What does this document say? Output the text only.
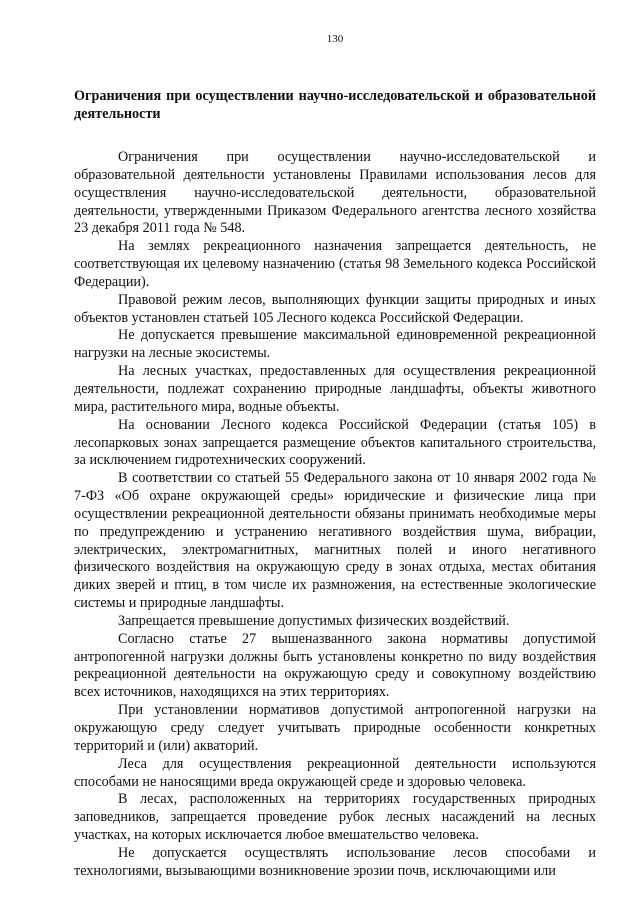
130
Ограничения при осуществлении научно-исследовательской и образовательной деятельности

Ограничения при осуществлении научно-исследовательской и образовательной деятельности установлены Правилами использования лесов для осуществления научно-исследовательской деятельности, образовательной деятельности, утвержденными Приказом Федерального агентства лесного хозяйства 23 декабря 2011 года № 548.

На землях рекреационного назначения запрещается деятельность, не соответствующая их целевому назначению (статья 98 Земельного кодекса Российской Федерации).

Правовой режим лесов, выполняющих функции защиты природных и иных объектов установлен статьей 105 Лесного кодекса Российской Федерации.

Не допускается превышение максимальной единовременной рекреационной нагрузки на лесные экосистемы.

На лесных участках, предоставленных для осуществления рекреационной деятельности, подлежат сохранению природные ландшафты, объекты животного мира, растительного мира, водные объекты.

На основании Лесного кодекса Российской Федерации (статья 105) в лесопарковых зонах запрещается размещение объектов капитального строительства, за исключением гидротехнических сооружений.

В соответствии со статьей 55 Федерального закона от 10 января 2002 года № 7-ФЗ «Об охране окружающей среды» юридические и физические лица при осуществлении рекреационной деятельности обязаны принимать необходимые меры по предупреждению и устранению негативного воздействия шума, вибрации, электрических, электромагнитных, магнитных полей и иного негативного физического воздействия на окружающую среду в зонах отдыха, местах обитания диких зверей и птиц, в том числе их размножения, на естественные экологические системы и природные ландшафты.

Запрещается превышение допустимых физических воздействий.

Согласно статье 27 вышеназванного закона нормативы допустимой антропогенной нагрузки должны быть установлены конкретно по виду воздействия рекреационной деятельности на окружающую среду и совокупному воздействию всех источников, находящихся на этих территориях.

При установлении нормативов допустимой антропогенной нагрузки на окружающую среду следует учитывать природные особенности конкретных территорий и (или) акваторий.

Леса для осуществления рекреационной деятельности используются способами не наносящими вреда окружающей среде и здоровью человека.

В лесах, расположенных на территориях государственных природных заповедников, запрещается проведение рубок лесных насаждений на лесных участках, на которых исключается любое вмешательство человека.

Не допускается осуществлять использование лесов способами и технологиями, вызывающими возникновение эрозии почв, исключающими или
